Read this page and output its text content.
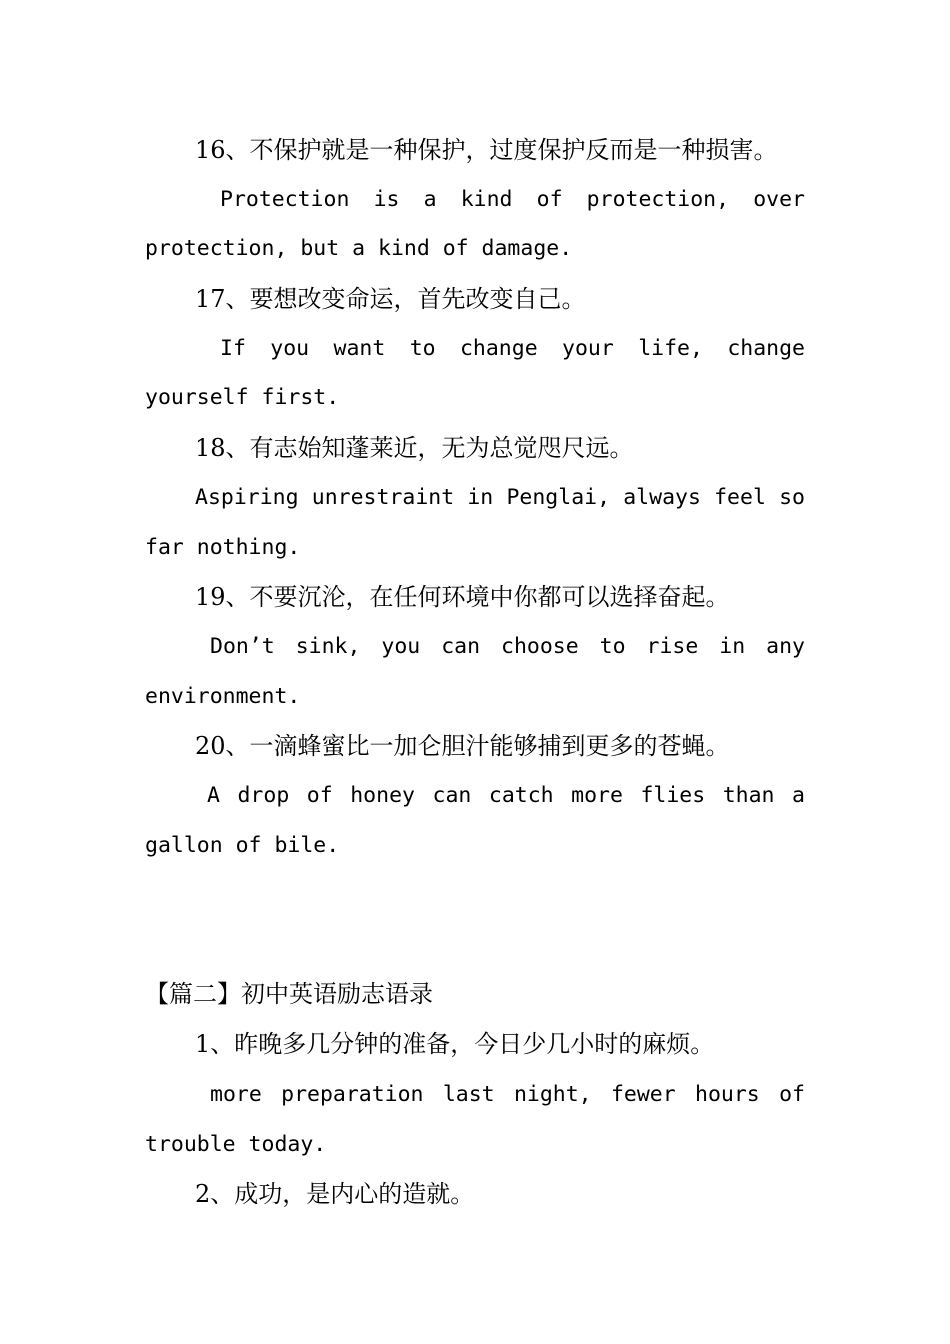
16、不保护就是一种保护，过度保护反而是一种损害。
Protection is a kind of protection, over
protection, but a kind of damage.
17、要想改变命运，首先改变自己。
If you want to change your life, change
yourself first.
18、有志始知蓬莱近，无为总觉咫尺远。
Aspiring unrestraint in Penglai, always feel so
far nothing.
19、不要沉沦，在任何环境中你都可以选择奋起。
Don’t sink, you can choose to rise in any
environment.
20、一滴蜂蜜比一加仑胆汁能够捕到更多的苍蝇。
A drop of honey can catch more flies than a
gallon of bile.
【篇二】初中英语励志语录
1、昨晚多几分钟的准备，今日少几小时的麻烦。
more preparation last night, fewer hours of
trouble today.
2、成功，是内心的造就。
